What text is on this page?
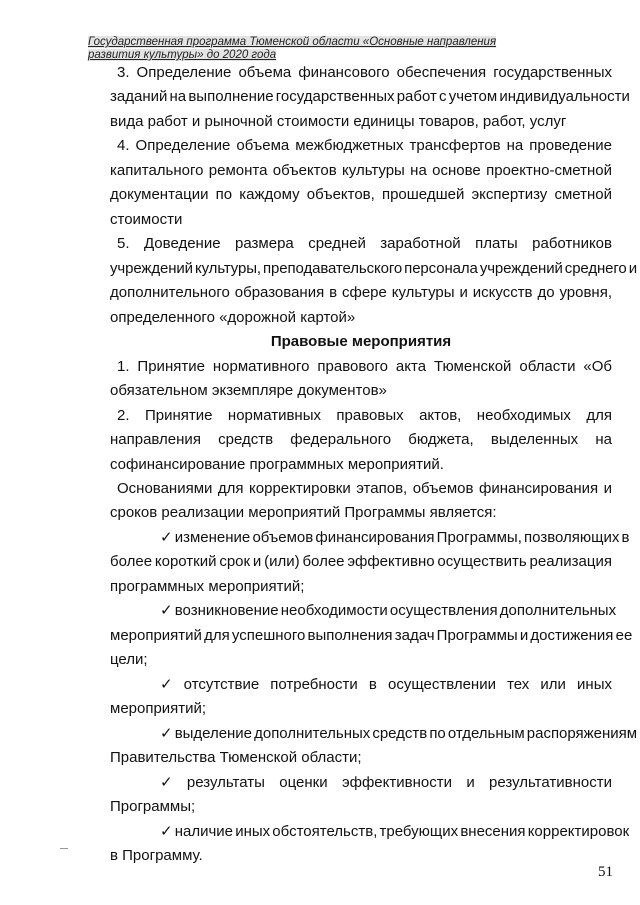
Государственная программа Тюменской области «Основные направления
развития культуры» до 2020 года
3. Определение объема финансового обеспечения государственных
заданий на выполнение государственных работ с учетом индивидуальности
вида работ и рыночной стоимости единицы товаров, работ, услуг
4. Определение объема межбюджетных трансфертов на проведение
капитального ремонта объектов культуры на основе проектно-сметной
документации по каждому объектов, прошедшей экспертизу сметной
стоимости
5. Доведение размера средней заработной платы работников
учреждений культуры, преподавательского персонала учреждений среднего и
дополнительного образования в сфере культуры и искусств до уровня,
определенного «дорожной картой»
Правовые мероприятия
1. Принятие нормативного правового акта Тюменской области «Об
обязательном экземпляре документов»
2. Принятие нормативных правовых актов, необходимых для
направления средств федерального бюджета, выделенных на
софинансирование программных мероприятий.
Основаниями для корректировки этапов, объемов финансирования и
сроков реализации мероприятий Программы является:
✓ изменение объемов финансирования Программы, позволяющих в
более короткий срок и (или) более эффективно осуществить реализация
программных мероприятий;
✓ возникновение необходимости осуществления дополнительных
мероприятий для успешного выполнения задач Программы и достижения ее
цели;
✓ отсутствие потребности в осуществлении тех или иных
мероприятий;
✓ выделение дополнительных средств по отдельным распоряжениям
Правительства Тюменской области;
✓ результаты оценки эффективности и результативности
Программы;
✓ наличие иных обстоятельств, требующих внесения корректировок
в Программу.
51
